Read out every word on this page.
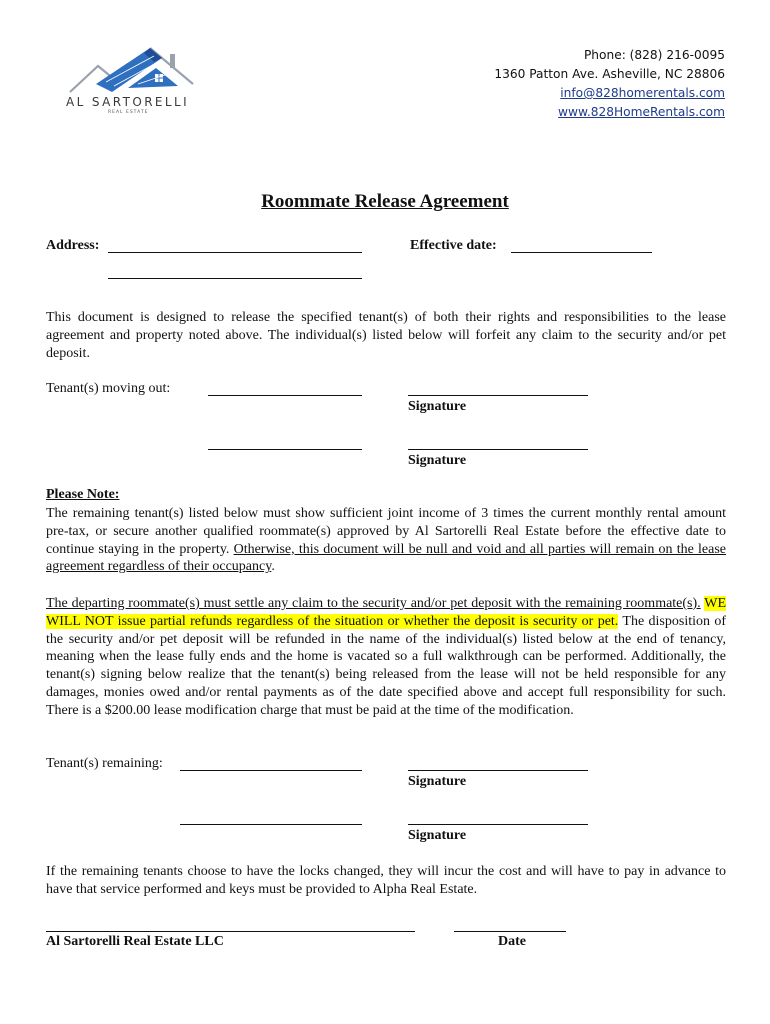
AL SARTORELLI
REAL ESTATE
Phone: (828) 216-0095
1360 Patton Ave. Asheville, NC 28806
info@828homerentals.com
www.828HomeRentals.com
Roommate Release Agreement
Address:	Effective date:
This document is designed to release the specified tenant(s) of both their rights and responsibilities to the lease agreement and property noted above. The individual(s) listed below will forfeit any claim to the security and/or pet deposit.
Tenant(s) moving out:
Signature
Signature
Please Note:
The remaining tenant(s) listed below must show sufficient joint income of 3 times the current monthly rental amount pre-tax, or secure another qualified roommate(s) approved by Al Sartorelli Real Estate before the effective date to continue staying in the property. Otherwise, this document will be null and void and all parties will remain on the lease agreement regardless of their occupancy.
The departing roommate(s) must settle any claim to the security and/or pet deposit with the remaining roommate(s). WE WILL NOT issue partial refunds regardless of the situation or whether the deposit is security or pet. The disposition of the security and/or pet deposit will be refunded in the name of the individual(s) listed below at the end of tenancy, meaning when the lease fully ends and the home is vacated so a full walkthrough can be performed. Additionally, the tenant(s) signing below realize that the tenant(s) being released from the lease will not be held responsible for any damages, monies owed and/or rental payments as of the date specified above and accept full responsibility for such. There is a $200.00 lease modification charge that must be paid at the time of the modification.
Tenant(s) remaining:
Signature
Signature
If the remaining tenants choose to have the locks changed, they will incur the cost and will have to pay in advance to have that service performed and keys must be provided to Alpha Real Estate.
Al Sartorelli Real Estate LLC	Date
